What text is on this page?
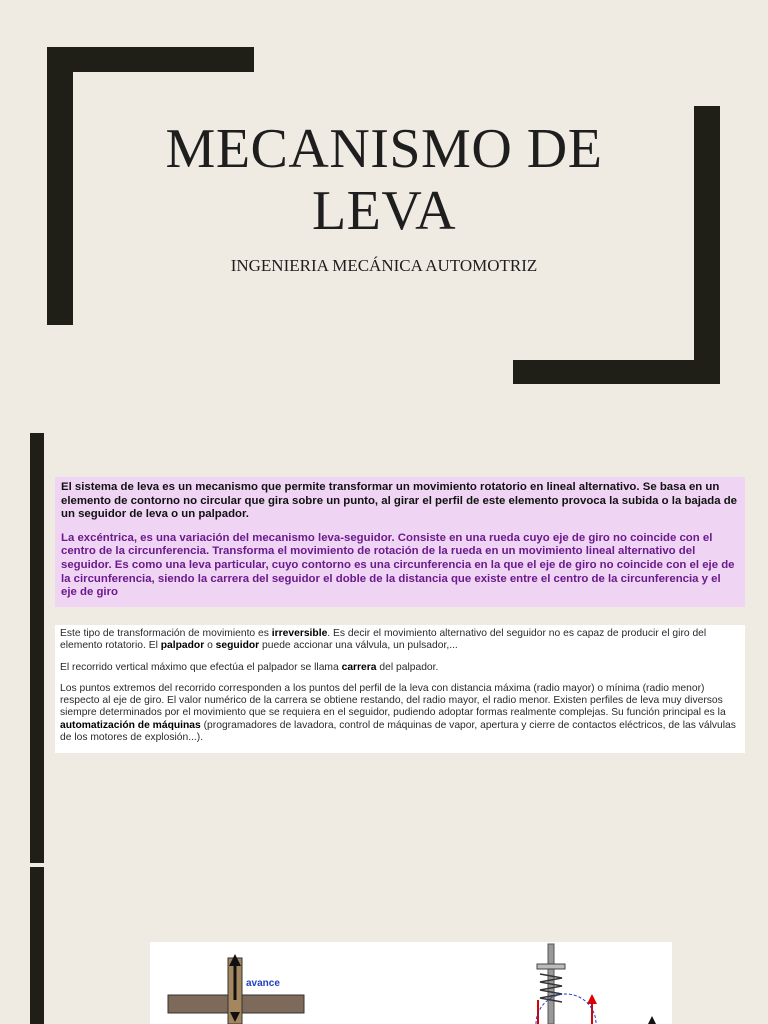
MECANISMO DE
LEVA
INGENIERIA MECÁNICA AUTOMOTRIZ

El sistema de leva es un mecanismo que permite transformar un movimiento rotatorio en lineal alternativo. Se basa en un elemento de contorno no circular que gira sobre un punto, al girar el perfil de este elemento provoca la subida o la bajada de un seguidor de leva o un palpador.

La excéntrica, es una variación del mecanismo leva-seguidor. Consiste en una rueda cuyo eje de giro no coincide con el centro de la circunferencia. Transforma el movimiento de rotación de la rueda en un movimiento lineal alternativo del seguidor. Es como una leva particular, cuyo contorno es una circunferencia en la que el eje de giro no coincide con el eje de la circunferencia, siendo la carrera del seguidor el doble de la distancia que existe entre el centro de la circunferencia y el eje de giro

Este tipo de transformación de movimiento es irreversible. Es decir el movimiento alternativo del seguidor no es capaz de producir el giro del elemento rotatorio. El palpador o seguidor puede accionar una válvula, un pulsador,...

El recorrido vertical máximo que efectúa el palpador se llama carrera del palpador.

Los puntos extremos del recorrido corresponden a los puntos del perfil de la leva con distancia máxima (radio mayor) o mínima (radio menor) respecto al eje de giro. El valor numérico de la carrera se obtiene restando, del radio mayor, el radio menor. Existen perfiles de leva muy diversos siempre determinados por el movimiento que se requiera en el seguidor, pudiendo adoptar formas realmente complejas. Su función principal es la automatización de máquinas (programadores de lavadora, control de máquinas de vapor, apertura y cierre de contactos eléctricos, de las válvulas de los motores de explosión...).

avance
